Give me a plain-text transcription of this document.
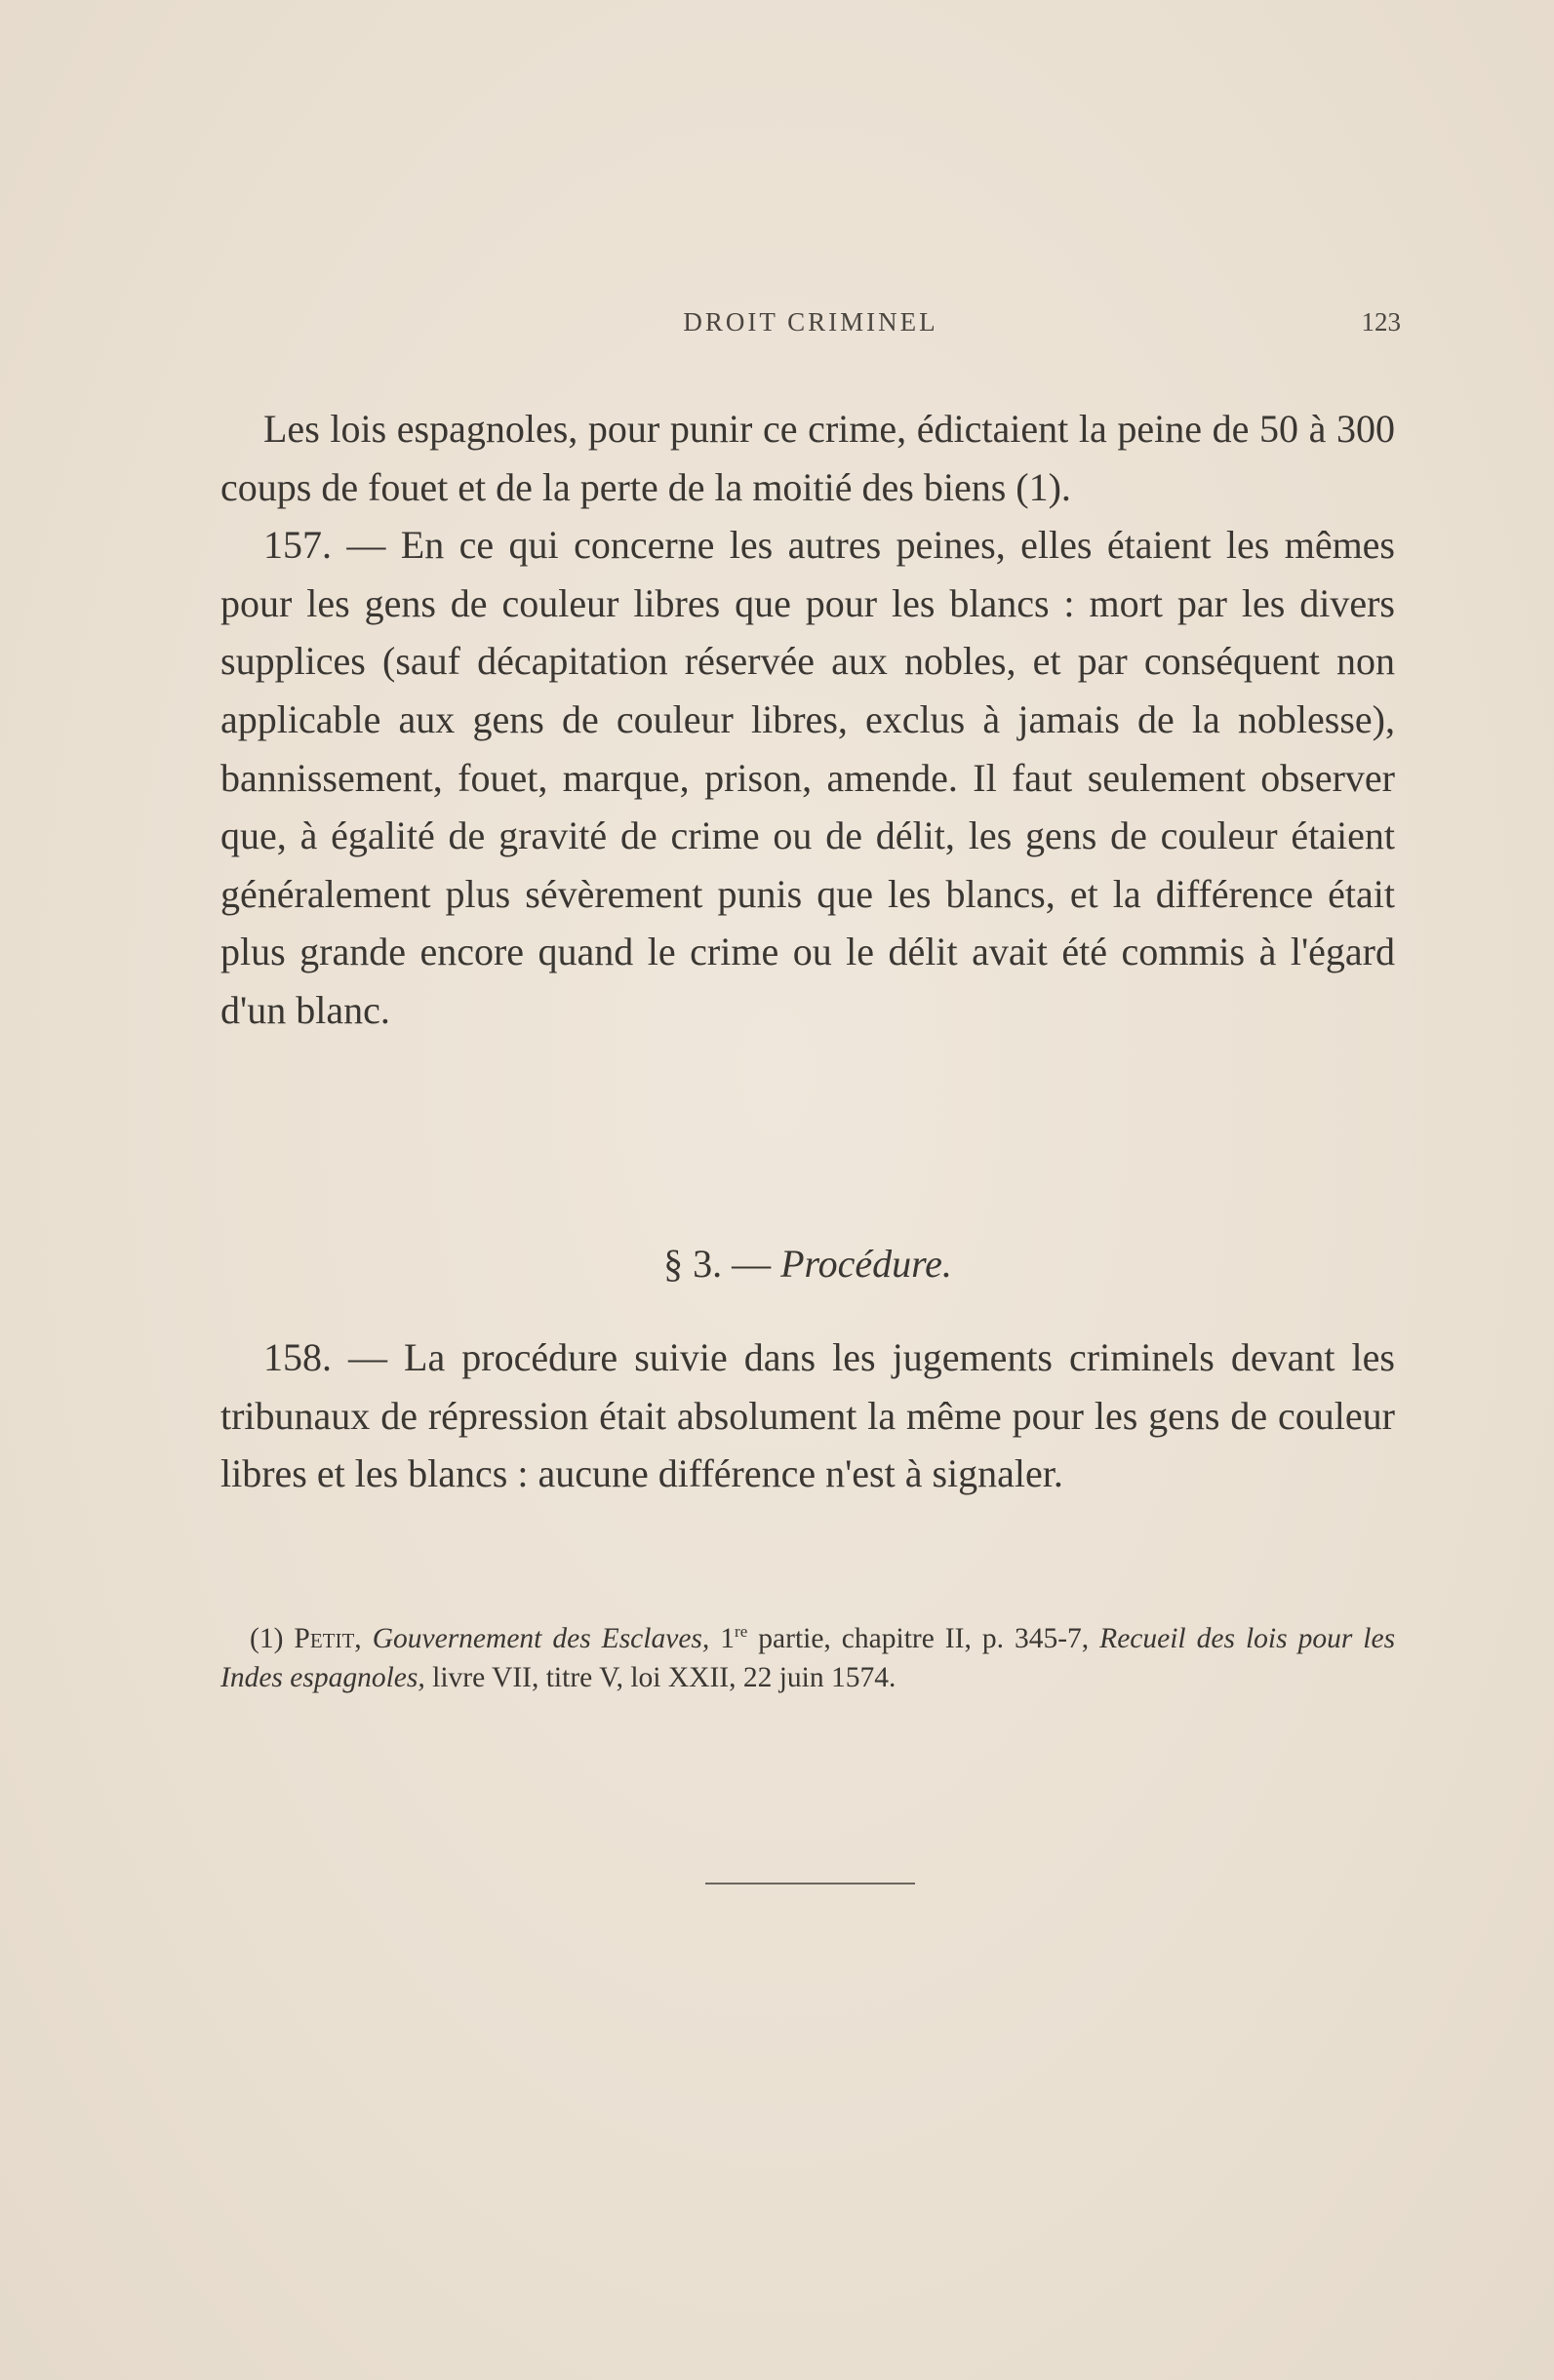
DROIT CRIMINEL	123

Les lois espagnoles, pour punir ce crime, édictaient la peine de 50 à 300 coups de fouet et de la perte de la moitié des biens (1).

157. — En ce qui concerne les autres peines, elles étaient les mêmes pour les gens de couleur libres que pour les blancs : mort par les divers supplices (sauf décapitation réservée aux nobles, et par conséquent non applicable aux gens de couleur libres, exclus à jamais de la noblesse), bannissement, fouet, marque, prison, amende. Il faut seulement observer que, à égalité de gravité de crime ou de délit, les gens de couleur étaient généralement plus sévèrement punis que les blancs, et la différence était plus grande encore quand le crime ou le délit avait été commis à l'égard d'un blanc.

§ 3. — Procédure.

158. — La procédure suivie dans les jugements criminels devant les tribunaux de répression était absolument la même pour les gens de couleur libres et les blancs : aucune différence n'est à signaler.

(1) Petit, Gouvernement des Esclaves, 1re partie, chapitre II, p. 345-7, Recueil des lois pour les Indes espagnoles, livre VII, titre V, loi XXII, 22 juin 1574.
